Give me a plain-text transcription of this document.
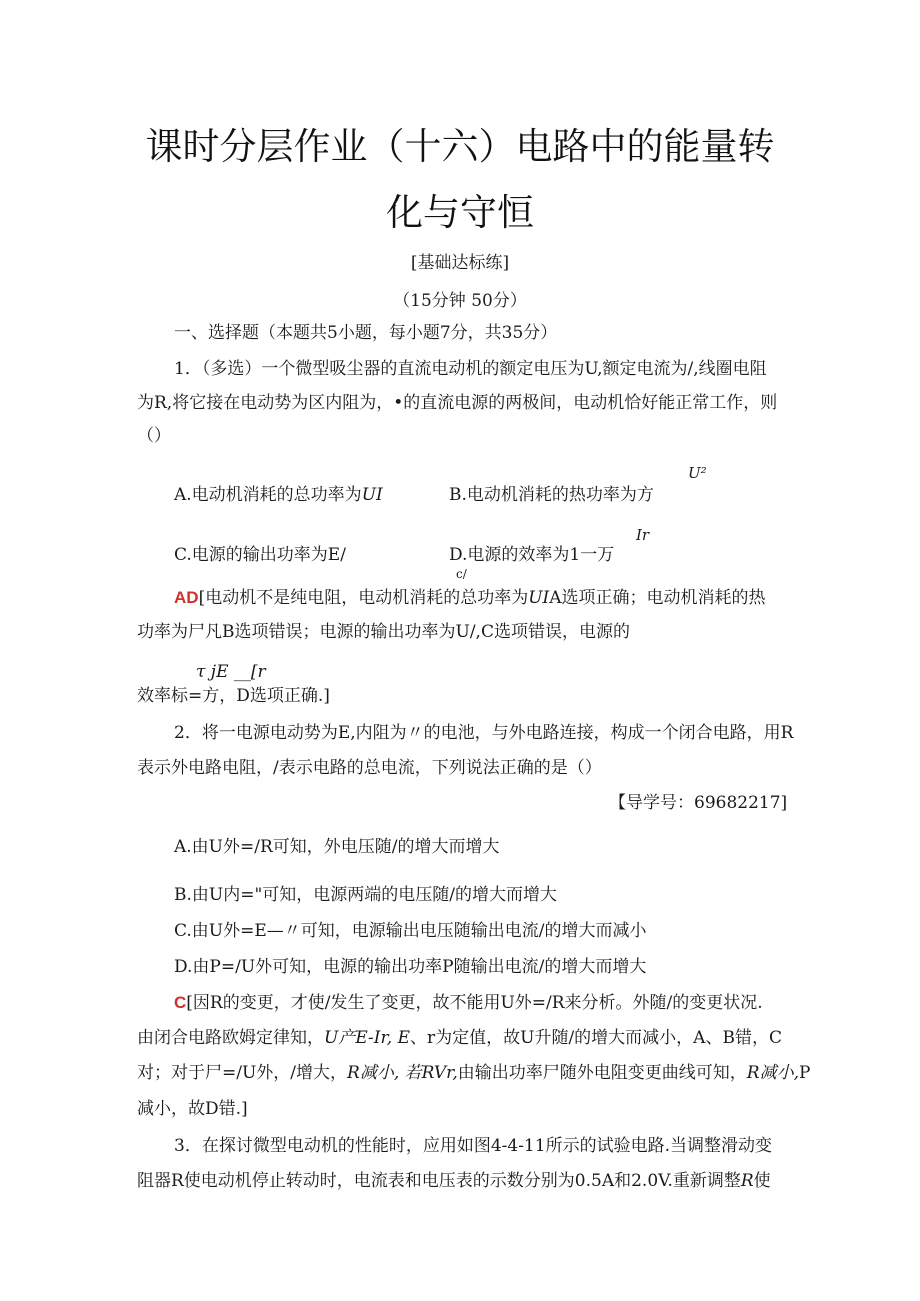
课时分层作业（十六）电路中的能量转
化与守恒
[基础达标练]
（15分钟 50分）
一、选择题（本题共5小题，每小题7分，共35分）
1．（多选）一个微型吸尘器的直流电动机的额定电压为U,额定电流为/,线圈电阻
为R,将它接在电动势为区内阻为，•的直流电源的两极间，电动机恰好能正常工作，则
（）
U²
A.电动机消耗的总功率为UI	B.电动机消耗的热功率为方
Ir
C.电源的输出功率为E/	D.电源的效率为1一万
c/
AD[电动机不是纯电阻，电动机消耗的总功率为UIA选项正确；电动机消耗的热
功率为尸凡B选项错误；电源的输出功率为U/,C选项错误，电源的
τ jE __[r
效率标=方，D选项正确.]
2．将一电源电动势为E,内阻为〃的电池，与外电路连接，构成一个闭合电路，用R
表示外电路电阻，/表示电路的总电流，下列说法正确的是（）
【导学号：69682217]
A.由U外=/R可知，外电压随/的增大而增大
B.由U内="可知，电源两端的电压随/的增大而增大
C.由U外=E—〃可知，电源输出电压随输出电流/的增大而减小
D.由P=/U外可知，电源的输出功率P随输出电流/的增大而增大
C[因R的变更，才使/发生了变更，故不能用U外=/R来分析。外随/的变更状况.
由闭合电路欧姆定律知，U产E-Ir, E、r为定值，故U升随/的增大而减小，A、B错，C
对；对于尸=/U外，/增大，R减小, 若RVr,由输出功率尸随外电阻变更曲线可知，R减小,P
减小，故D错.]
3．在探讨微型电动机的性能时，应用如图4-4-11所示的试验电路.当调整滑动变
阻器R使电动机停止转动时，电流表和电压表的示数分别为0.5A和2.0V.重新调整R使
